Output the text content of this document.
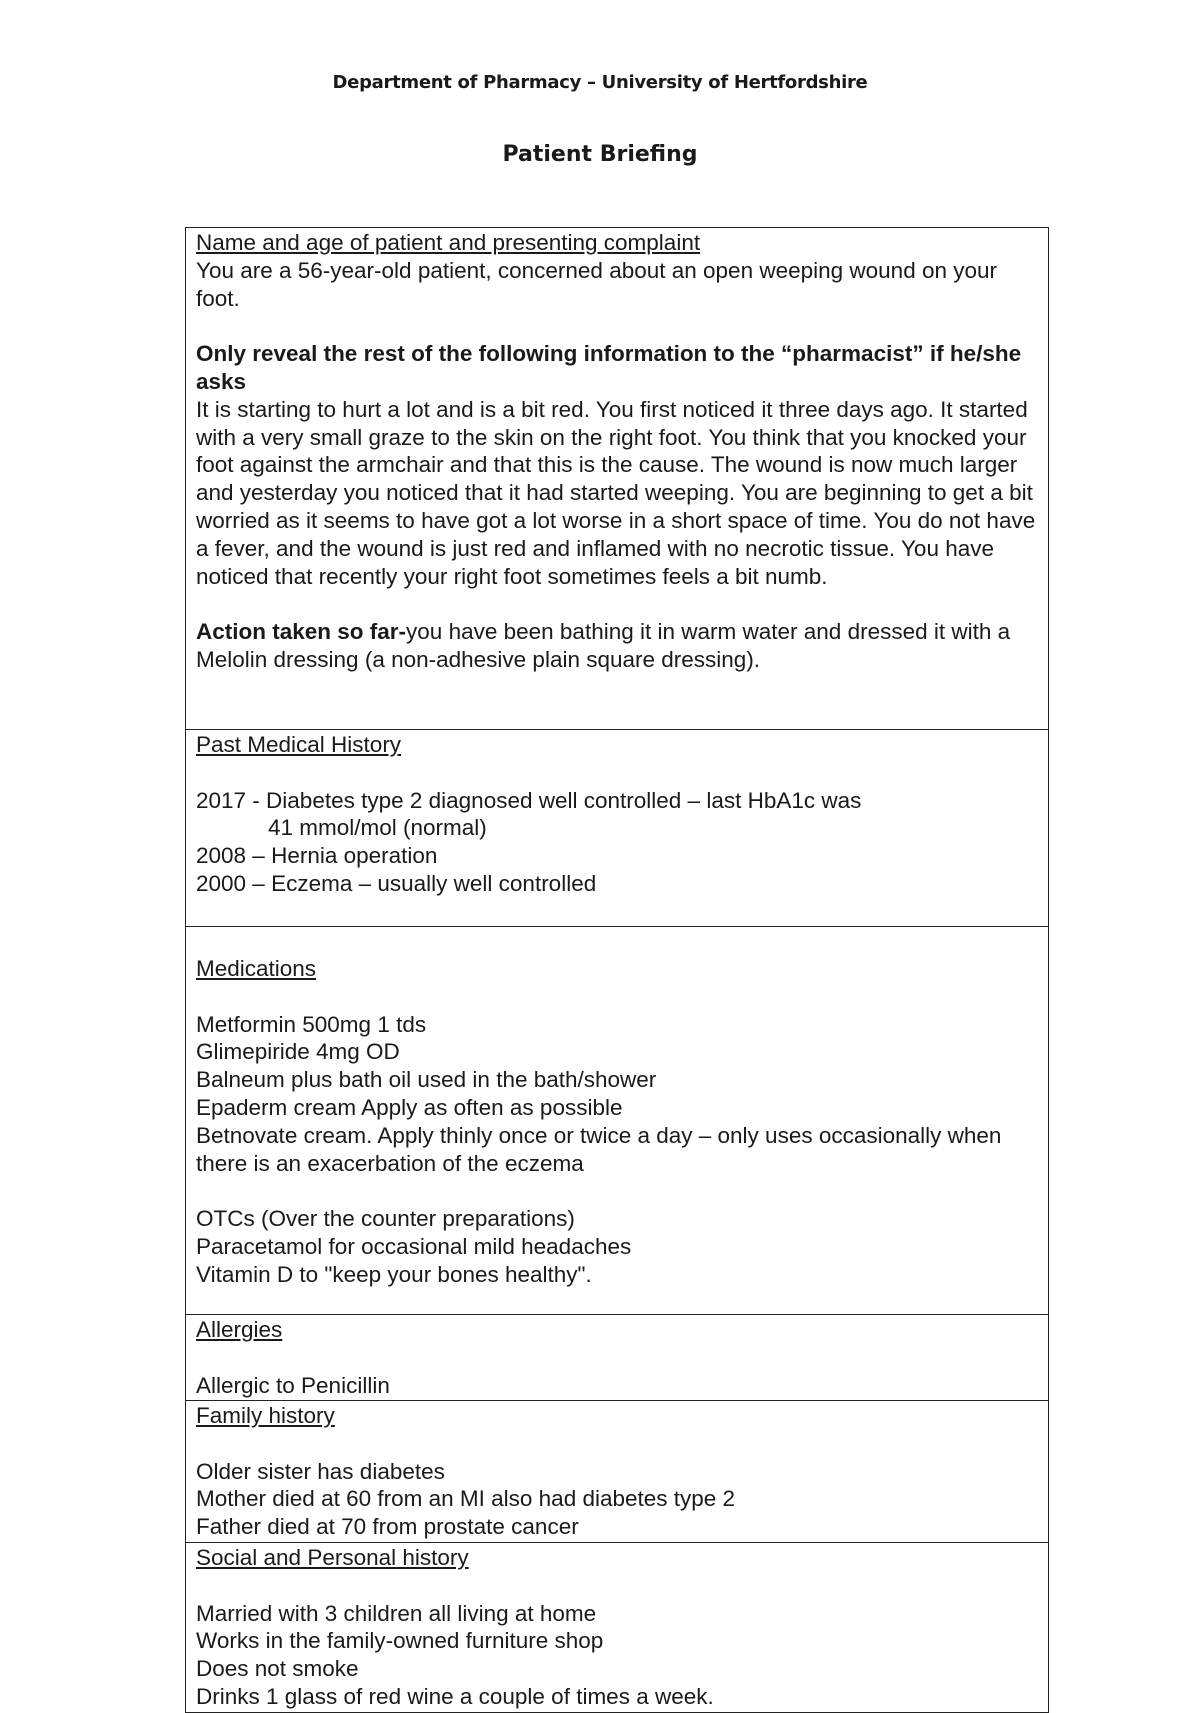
Department of Pharmacy – University of Hertfordshire
Patient Briefing
Name and age of patient and presenting complaint
You are a 56-year-old patient, concerned about an open weeping wound on your foot.
Only reveal the rest of the following information to the “pharmacist” if he/she asks
It is starting to hurt a lot and is a bit red. You first noticed it three days ago. It started with a very small graze to the skin on the right foot. You think that you knocked your foot against the armchair and that this is the cause. The wound is now much larger and yesterday you noticed that it had started weeping. You are beginning to get a bit worried as it seems to have got a lot worse in a short space of time. You do not have a fever, and the wound is just red and inflamed with no necrotic tissue. You have noticed that recently your right foot sometimes feels a bit numb.
Action taken so far-you have been bathing it in warm water and dressed it with a Melolin dressing (a non-adhesive plain square dressing).

Past Medical History
2017 - Diabetes type 2 diagnosed well controlled – last HbA1c was
41 mmol/mol (normal)
2008 – Hernia operation
2000 – Eczema – usually well controlled

Medications
Metformin 500mg 1 tds
Glimepiride 4mg OD
Balneum plus bath oil used in the bath/shower
Epaderm cream Apply as often as possible
Betnovate cream. Apply thinly once or twice a day – only uses occasionally when there is an exacerbation of the eczema
OTCs (Over the counter preparations)
Paracetamol for occasional mild headaches
Vitamin D to "keep your bones healthy".

Allergies
Allergic to Penicillin

Family history
Older sister has diabetes
Mother died at 60 from an MI also had diabetes type 2
Father died at 70 from prostate cancer

Social and Personal history
Married with 3 children all living at home
Works in the family-owned furniture shop
Does not smoke
Drinks 1 glass of red wine a couple of times a week.
